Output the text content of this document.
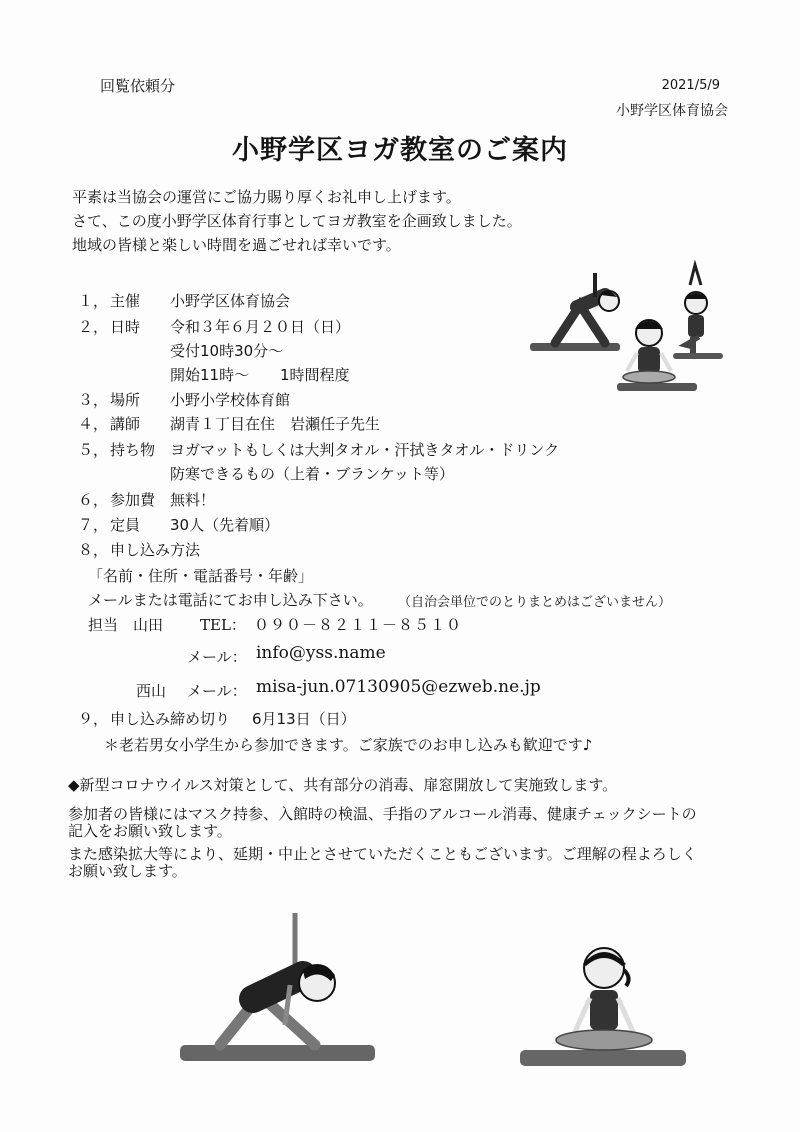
回覧依頼分	2021/5/9
小野学区体育協会
小野学区ヨガ教室のご案内
平素は当協会の運営にご協力賜り厚くお礼申し上げます。
さて、この度小野学区体育行事としてヨガ教室を企画致しました。
地域の皆様と楽しい時間を過ごせれば幸いです。
１， 主催 小野学区体育協会
２， 日時 令和３年６月２０日（日）
受付10時30分～
開始11時～ 1時間程度
３， 場所 小野小学校体育館
４， 講師 湖青１丁目在住　岩瀬任子先生
５， 持ち物 ヨガマットもしくは大判タオル・汗拭きタオル・ドリンク
防寒できるもの（上着・ブランケット等）
６， 参加費 無料！
７， 定員 30人（先着順）
８， 申し込み方法
「名前・住所・電話番号・年齢」
メールまたは電話にてお申し込み下さい。 （自治会単位でのとりまとめはございません）
担当　山田 TEL： ０９０－８２１１－８５１０
メール： info@yss.name
西山 メール： misa-jun.07130905@ezweb.ne.jp
９， 申し込み締め切り 6月13日（日）
＊老若男女小学生から参加できます。ご家族でのお申し込みも歓迎です♪
◆新型コロナウイルス対策として、共有部分の消毒、扉窓開放して実施致します。
参加者の皆様にはマスク持参、入館時の検温、手指のアルコール消毒、健康チェックシートの 記入をお願い致します。
また感染拡大等により、延期・中止とさせていただくこともございます。ご理解の程よろしく お願い致します。
